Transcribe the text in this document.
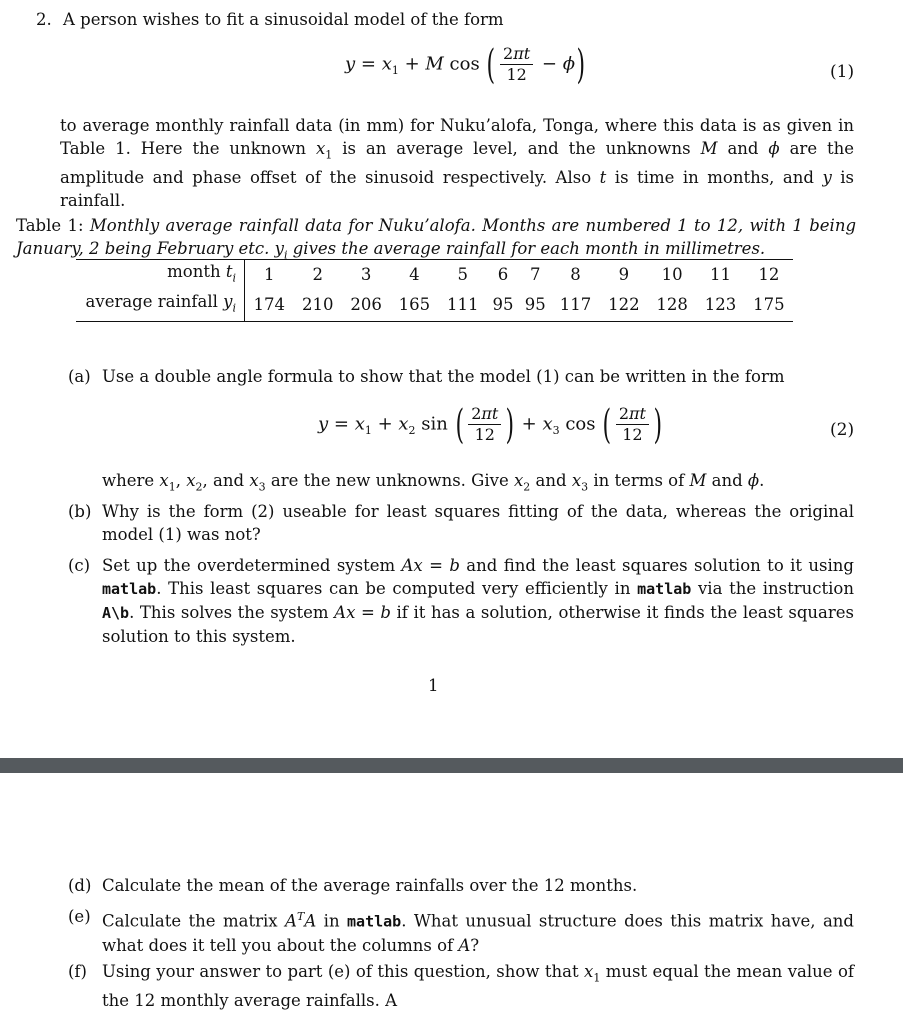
2. A person wishes to fit a sinusoidal model of the form
$y = x_1 + M$ cos ( $\frac{2\pi t}{12} - \phi$)	(1)
to average monthly rainfall data (in mm) for Nuku’alofa, Tonga, where this data is as given in Table 1. Here the unknown $x_1$ is an average level, and the unknowns M and ϕ are the amplitude and phase offset of the sinusoid respectively. Also t is time in months, and y is rainfall.
Table 1: Monthly average rainfall data for Nuku’alofa. Months are numbered 1 to 12, with 1 being January, 2 being February etc. $y_i$ gives the average rainfall for each month in millimetres.
month $t_i$	1	2	3	4	5	6	7	8	9	10	11	12
average rainfall $y_i$	174	210	206	165	111	95	95	117	122	128	123	175
(a) Use a double angle formula to show that the model (1) can be written in the form
$y = x_1 + x_2$ sin ( $\frac{2\pi t}{12}$ ) + $x_3$ cos ( $\frac{2\pi t}{12}$ )	(2)
where $x_1$, $x_2$, and $x_3$ are the new unknowns. Give $x_2$ and $x_3$ in terms of M and ϕ.
(b) Why is the form (2) useable for least squares fitting of the data, whereas the original model (1) was not?
(c) Set up the overdetermined system Ax = b and find the least squares solution to it using matlab. This least squares can be computed very efficiently in matlab via the instruction A\b. This solves the system Ax = b if it has a solution, otherwise it finds the least squares solution to this system.
1
(d) Calculate the mean of the average rainfalls over the 12 months.
(e) Calculate the matrix $A^TA$ in matlab. What unusual structure does this matrix have, and what does it tell you about the columns of A?
(f) Using your answer to part (e) of this question, show that $x_1$ must equal the mean value of the 12 monthly average rainfalls. A
